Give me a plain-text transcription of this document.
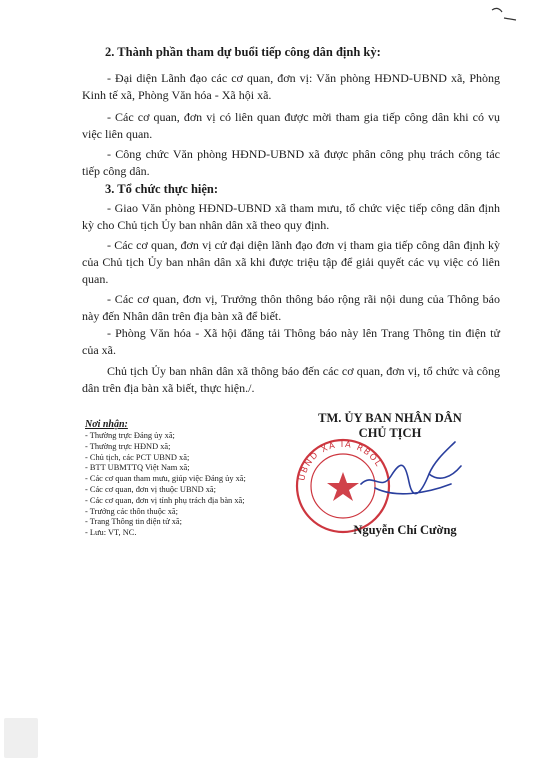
2. Thành phần tham dự buổi tiếp công dân định kỳ:

- Đại diện Lãnh đạo các cơ quan, đơn vị: Văn phòng HĐND-UBND xã, Phòng Kinh tế xã, Phòng Văn hóa - Xã hội xã.

- Các cơ quan, đơn vị có liên quan được mời tham gia tiếp công dân khi có vụ việc liên quan.

- Công chức Văn phòng HĐND-UBND xã được phân công phụ trách công tác tiếp công dân.

3. Tổ chức thực hiện:

- Giao Văn phòng HĐND-UBND xã tham mưu, tổ chức việc tiếp công dân định kỳ cho Chủ tịch Ủy ban nhân dân xã theo quy định.

- Các cơ quan, đơn vị cử đại diện lãnh đạo đơn vị tham gia tiếp công dân định kỳ của Chủ tịch Ủy ban nhân dân xã khi được triệu tập để giải quyết các vụ việc có liên quan.

- Các cơ quan, đơn vị, Trưởng thôn thông báo rộng rãi nội dung của Thông báo này đến Nhân dân trên địa bàn xã để biết.

- Phòng Văn hóa - Xã hội đăng tải Thông báo này lên Trang Thông tin điện tử của xã.

Chủ tịch Ủy ban nhân dân xã thông báo đến các cơ quan, đơn vị, tổ chức và công dân trên địa bàn xã biết, thực hiện./.

Nơi nhận:
- Thường trực Đảng ủy xã;
- Thường trực HĐND xã;
- Chủ tịch, các PCT UBND xã;
- BTT UBMTTQ Việt Nam xã;
- Các cơ quan tham mưu, giúp việc Đảng ủy xã;
- Các cơ quan, đơn vị thuộc UBND xã;
- Các cơ quan, đơn vị tỉnh phụ trách địa bàn xã;
- Trưởng các thôn thuộc xã;
- Trang Thông tin điện tử xã;
- Lưu: VT, NC.
TM. ỦY BAN NHÂN DÂN
CHỦ TỊCH
UBND XÃ IA RBOL
Nguyễn Chí Cường
